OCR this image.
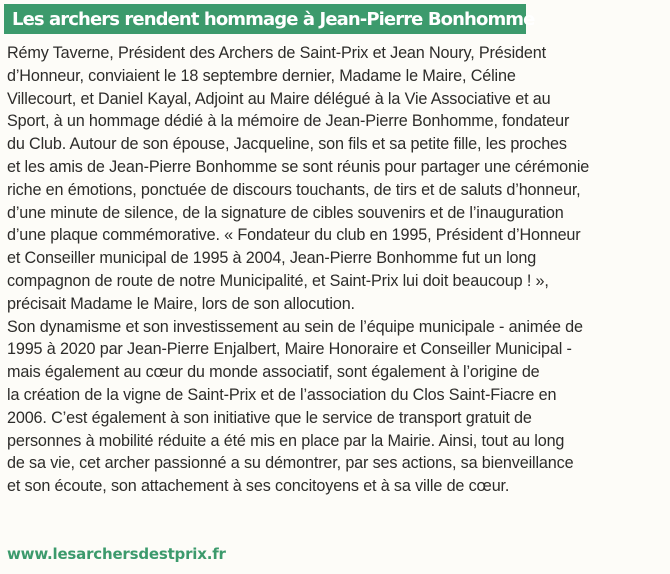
Les archers rendent hommage à Jean-Pierre Bonhomme

Rémy Taverne, Président des Archers de Saint-Prix et Jean Noury, Président
d’Honneur, conviaient le 18 septembre dernier, Madame le Maire, Céline
Villecourt, et Daniel Kayal, Adjoint au Maire délégué à la Vie Associative et au
Sport, à un hommage dédié à la mémoire de Jean-Pierre Bonhomme, fondateur
du Club. Autour de son épouse, Jacqueline, son fils et sa petite fille, les proches
et les amis de Jean-Pierre Bonhomme se sont réunis pour partager une cérémonie
riche en émotions, ponctuée de discours touchants, de tirs et de saluts d’honneur,
d’une minute de silence, de la signature de cibles souvenirs et de l’inauguration
d’une plaque commémorative. « Fondateur du club en 1995, Président d’Honneur
et Conseiller municipal de 1995 à 2004, Jean-Pierre Bonhomme fut un long
compagnon de route de notre Municipalité, et Saint-Prix lui doit beaucoup ! »,
précisait Madame le Maire, lors de son allocution.
Son dynamisme et son investissement au sein de l’équipe municipale - animée de
1995 à 2020 par Jean-Pierre Enjalbert, Maire Honoraire et Conseiller Municipal -
mais également au cœur du monde associatif, sont également à l’origine de
la création de la vigne de Saint-Prix et de l’association du Clos Saint-Fiacre en
2006. C’est également à son initiative que le service de transport gratuit de
personnes à mobilité réduite a été mis en place par la Mairie. Ainsi, tout au long
de sa vie, cet archer passionné a su démontrer, par ses actions, sa bienveillance
et son écoute, son attachement à ses concitoyens et à sa ville de cœur.

www.lesarchersdestprix.fr
